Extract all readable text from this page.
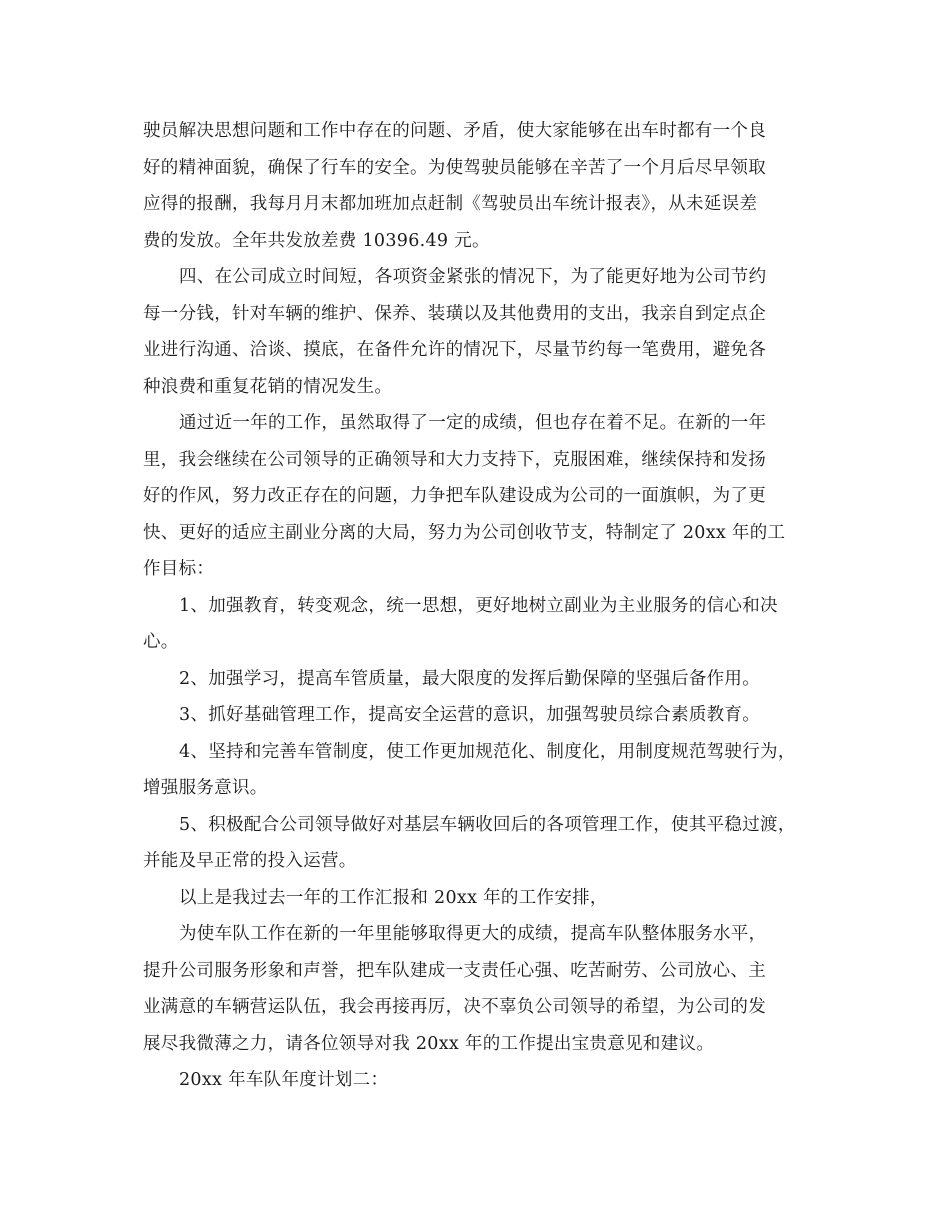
驶员解决思想问题和工作中存在的问题、矛盾，使大家能够在出车时都有一个良
好的精神面貌，确保了行车的安全。为使驾驶员能够在辛苦了一个月后尽早领取
应得的报酬，我每月月末都加班加点赶制《驾驶员出车统计报表》，从未延误差
费的发放。全年共发放差费 10396.49 元。
四、在公司成立时间短，各项资金紧张的情况下，为了能更好地为公司节约
每一分钱，针对车辆的维护、保养、装璜以及其他费用的支出，我亲自到定点企
业进行沟通、洽谈、摸底，在备件允许的情况下，尽量节约每一笔费用，避免各
种浪费和重复花销的情况发生。
通过近一年的工作，虽然取得了一定的成绩，但也存在着不足。在新的一年
里，我会继续在公司领导的正确领导和大力支持下，克服困难，继续保持和发扬
好的作风，努力改正存在的问题，力争把车队建设成为公司的一面旗帜，为了更
快、更好的适应主副业分离的大局，努力为公司创收节支，特制定了 20xx 年的工
作目标：
1、加强教育，转变观念，统一思想，更好地树立副业为主业服务的信心和决
心。
2、加强学习，提高车管质量，最大限度的发挥后勤保障的坚强后备作用。
3、抓好基础管理工作，提高安全运营的意识，加强驾驶员综合素质教育。
4、坚持和完善车管制度，使工作更加规范化、制度化，用制度规范驾驶行为，
增强服务意识。
5、积极配合公司领导做好对基层车辆收回后的各项管理工作，使其平稳过渡，
并能及早正常的投入运营。
以上是我过去一年的工作汇报和 20xx 年的工作安排，
为使车队工作在新的一年里能够取得更大的成绩，提高车队整体服务水平，
提升公司服务形象和声誉，把车队建成一支责任心强、吃苦耐劳、公司放心、主
业满意的车辆营运队伍，我会再接再厉，决不辜负公司领导的希望，为公司的发
展尽我微薄之力，请各位领导对我 20xx 年的工作提出宝贵意见和建议。
20xx 年车队年度计划二：
